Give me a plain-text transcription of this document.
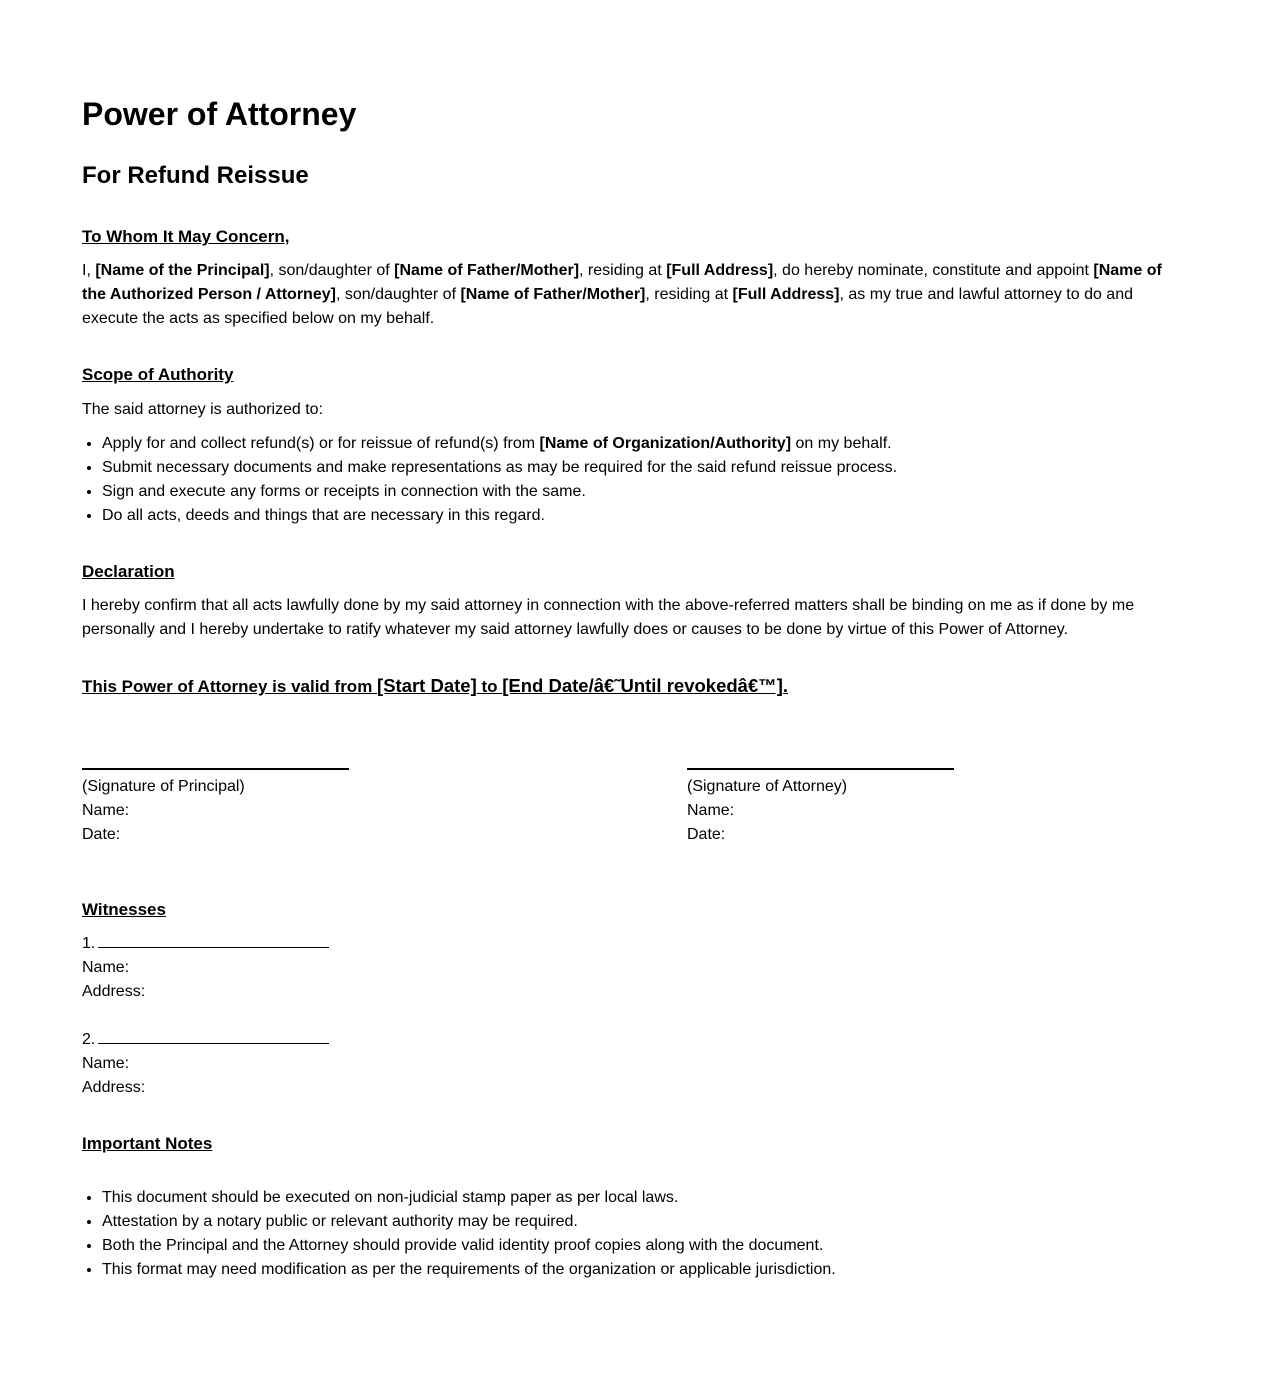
Power of Attorney
For Refund Reissue

To Whom It May Concern,

I, [Name of the Principal], son/daughter of [Name of Father/Mother], residing at [Full Address], do hereby nominate, constitute and appoint [Name of the Authorized Person / Attorney], son/daughter of [Name of Father/Mother], residing at [Full Address], as my true and lawful attorney to do and execute the acts as specified below on my behalf.

Scope of Authority

The said attorney is authorized to:

• Apply for and collect refund(s) or for reissue of refund(s) from [Name of Organization/Authority] on my behalf.
• Submit necessary documents and make representations as may be required for the said refund reissue process.
• Sign and execute any forms or receipts in connection with the same.
• Do all acts, deeds and things that are necessary in this regard.

Declaration

I hereby confirm that all acts lawfully done by my said attorney in connection with the above-referred matters shall be binding on me as if done by me personally and I hereby undertake to ratify whatever my said attorney lawfully does or causes to be done by virtue of this Power of Attorney.

This Power of Attorney is valid from [Start Date] to [End Date/â€˜Until revokedâ€™].

(Signature of Principal)
Name:
Date:
(Signature of Attorney)
Name:
Date:

Witnesses

1.
Name:
Address:
2.
Name:
Address:

Important Notes

• This document should be executed on non-judicial stamp paper as per local laws.
• Attestation by a notary public or relevant authority may be required.
• Both the Principal and the Attorney should provide valid identity proof copies along with the document.
• This format may need modification as per the requirements of the organization or applicable jurisdiction.
